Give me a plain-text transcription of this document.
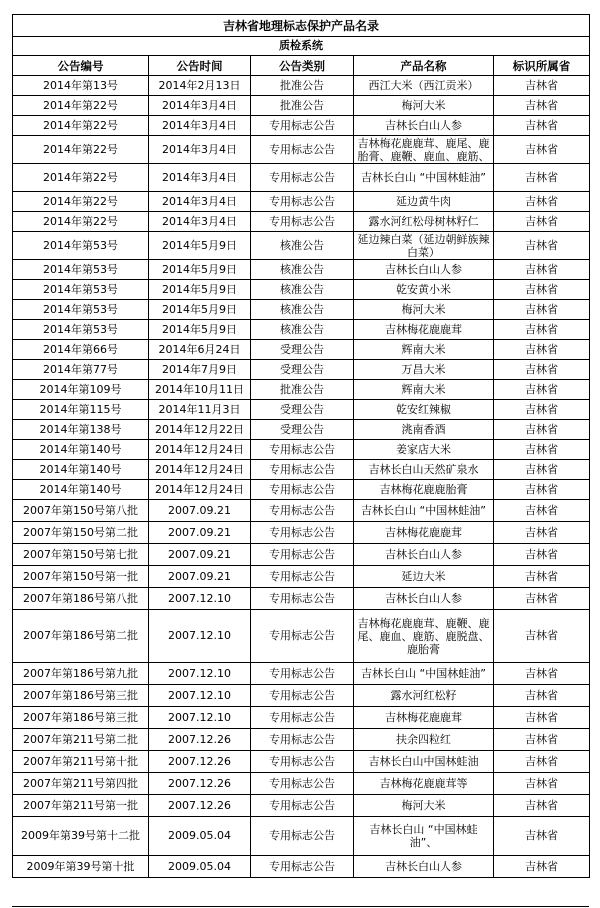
吉林省地理标志保护产品名录				
质检系统				
公告编号	公告时间	公告类别	产品名称	标识所属省
2014年第13号	2014年2月13日	批准公告	西江大米（西江贡米）	吉林省
2014年第22号	2014年3月4日	批准公告	梅河大米	吉林省
2014年第22号	2014年3月4日	专用标志公告	吉林长白山人参	吉林省
2014年第22号	2014年3月4日	专用标志公告	吉林梅花鹿鹿茸、鹿尾、鹿胎膏、鹿鞭、鹿血、鹿筋、	吉林省
2014年第22号	2014年3月4日	专用标志公告	吉林长白山 “中国林蛙油”	吉林省
2014年第22号	2014年3月4日	专用标志公告	延边黄牛肉	吉林省
2014年第22号	2014年3月4日	专用标志公告	露水河红松母树林籽仁	吉林省
2014年第53号	2014年5月9日	核准公告	延边辣白菜（延边朝鲜族辣白菜）	吉林省
2014年第53号	2014年5月9日	核准公告	吉林长白山人参	吉林省
2014年第53号	2014年5月9日	核准公告	乾安黄小米	吉林省
2014年第53号	2014年5月9日	核准公告	梅河大米	吉林省
2014年第53号	2014年5月9日	核准公告	吉林梅花鹿鹿茸	吉林省
2014年第66号	2014年6月24日	受理公告	辉南大米	吉林省
2014年第77号	2014年7月9日	受理公告	万昌大米	吉林省
2014年第109号	2014年10月11日	批准公告	辉南大米	吉林省
2014年第115号	2014年11月3日	受理公告	乾安红辣椒	吉林省
2014年第138号	2014年12月22日	受理公告	洮南香酒	吉林省
2014年第140号	2014年12月24日	专用标志公告	姜家店大米	吉林省
2014年第140号	2014年12月24日	专用标志公告	吉林长白山天然矿泉水	吉林省
2014年第140号	2014年12月24日	专用标志公告	吉林梅花鹿鹿胎膏	吉林省
2007年第150号第八批	2007.09.21	专用标志公告	吉林长白山 “中国林蛙油”	吉林省
2007年第150号第二批	2007.09.21	专用标志公告	吉林梅花鹿鹿茸	吉林省
2007年第150号第七批	2007.09.21	专用标志公告	吉林长白山人参	吉林省
2007年第150号第一批	2007.09.21	专用标志公告	延边大米	吉林省
2007年第186号第八批	2007.12.10	专用标志公告	吉林长白山人参	吉林省
2007年第186号第二批	2007.12.10	专用标志公告	吉林梅花鹿鹿茸、鹿鞭、鹿尾、鹿血、鹿筋、鹿脱盘、鹿胎膏	吉林省
2007年第186号第九批	2007.12.10	专用标志公告	吉林长白山 “中国林蛙油”	吉林省
2007年第186号第三批	2007.12.10	专用标志公告	露水河红松籽	吉林省
2007年第186号第三批	2007.12.10	专用标志公告	吉林梅花鹿鹿茸	吉林省
2007年第211号第二批	2007.12.26	专用标志公告	扶余四粒红	吉林省
2007年第211号第十批	2007.12.26	专用标志公告	吉林长白山中国林蛙油	吉林省
2007年第211号第四批	2007.12.26	专用标志公告	吉林梅花鹿鹿茸等	吉林省
2007年第211号第一批	2007.12.26	专用标志公告	梅河大米	吉林省
2009年第39号第十二批	2009.05.04	专用标志公告	吉林长白山 “中国林蛙油”、	吉林省
2009年第39号第十批	2009.05.04	专用标志公告	吉林长白山人参	吉林省
